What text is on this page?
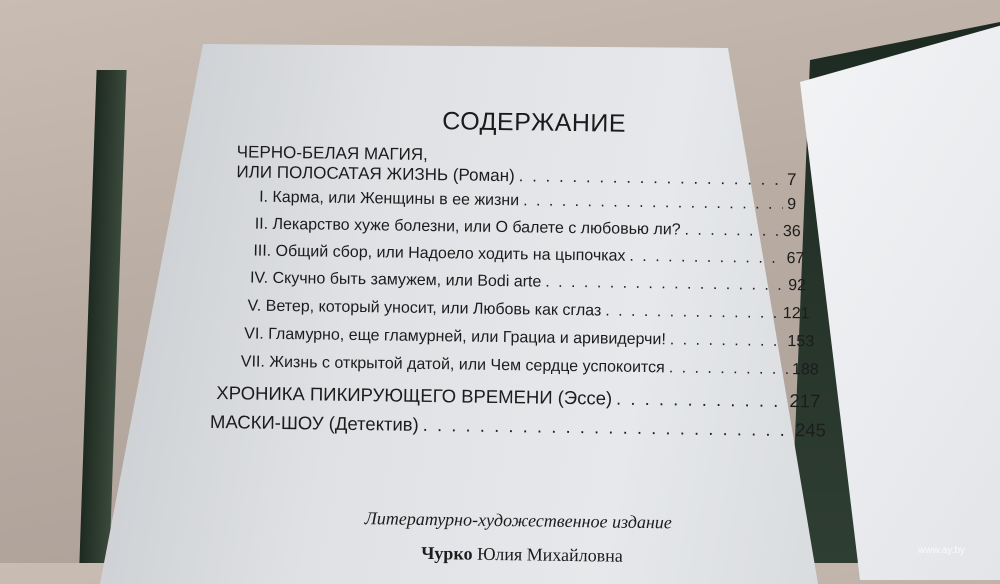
СОДЕРЖАНИЕ
ЧЕРНО-БЕЛАЯ МАГИЯ,
ИЛИ ПОЛОСАТАЯ ЖИЗНЬ (Роман) . . .	7
I. Карма, или Женщины в ее жизни . . .	9
II. Лекарство хуже болезни, или О балете с любовью ли? . . .	36
III. Общий сбор, или Надоело ходить на цыпочках . . .	67
IV. Скучно быть замужем, или Bodi arte . . .	92
V. Ветер, который уносит, или Любовь как сглаз . . .	121
VI. Гламурно, еще гламурней, или Грациа и аривидерчи! . . .	153
VII. Жизнь с открытой датой, или Чем сердце успокоится . . .	188
ХРОНИКА ПИКИРУЮЩЕГО ВРЕМЕНИ (Эссе) . . .	217
МАСКИ-ШОУ (Детектив) . . .	245
Литературно-художественное издание
Чурко Юлия Михайловна	www.ay.by
